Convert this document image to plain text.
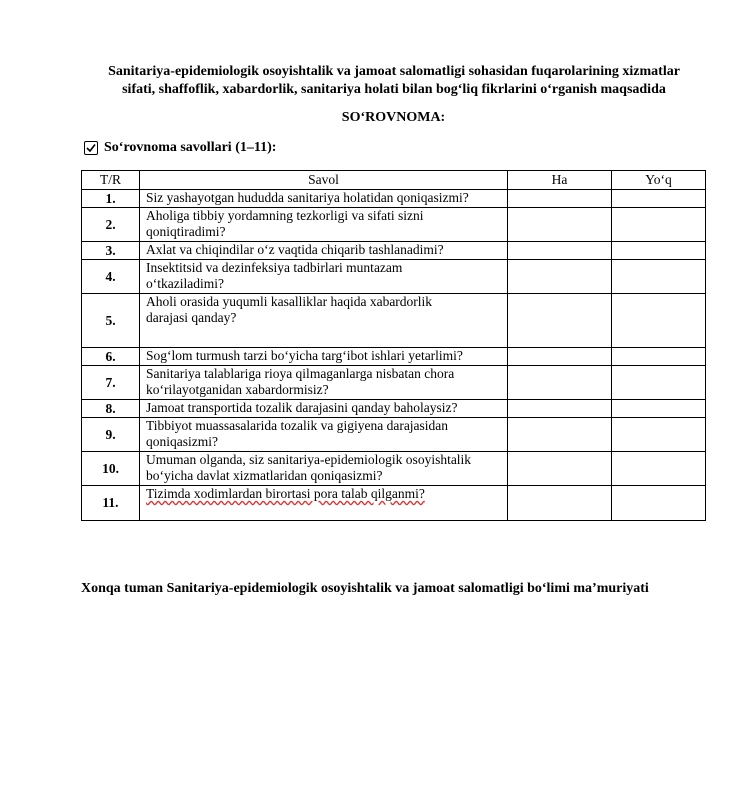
Sanitariya-epidemiologik osoyishtalik va jamoat salomatligi sohasidan fuqarolarining xizmatlar
sifati, shaffoflik, xabardorlik, sanitariya holati bilan bog‘liq fikrlarini o‘rganish maqsadida
SO‘ROVNOMA:
So‘rovnoma savollari (1–11):
T/R	Savol	Ha	Yo‘q
1.	Siz yashayotgan hududda sanitariya holatidan qoniqasizmi?		
2.	Aholiga tibbiy yordamning tezkorligi va sifati sizni
qoniqtiradimi?		

3.	Axlat va chiqindilar o‘z vaqtida chiqarib tashlanadimi?		
4.	Insektitsid va dezinfeksiya tadbirlari muntazam
o‘tkaziladimi?		

5.	Aholi orasida yuqumli kasalliklar haqida xabardorlik
darajasi qanday?		

6.	Sog‘lom turmush tarzi bo‘yicha targ‘ibot ishlari yetarlimi?		
7.	Sanitariya talablariga rioya qilmaganlarga nisbatan chora
ko‘rilayotganidan xabardormisiz?		

8.	Jamoat transportida tozalik darajasini qanday baholaysiz?		
9.	Tibbiyot muassasalarida tozalik va gigiyena darajasidan
qoniqasizmi?		

10.	Umuman olganda, siz sanitariya-epidemiologik osoyishtalik
bo‘yicha davlat xizmatlaridan qoniqasizmi?		

11.	Tizimda xodimlardan birortasi pora talab qilganmi?		
Xonqa tuman Sanitariya-epidemiologik osoyishtalik va jamoat salomatligi bo‘limi ma’muriyati
